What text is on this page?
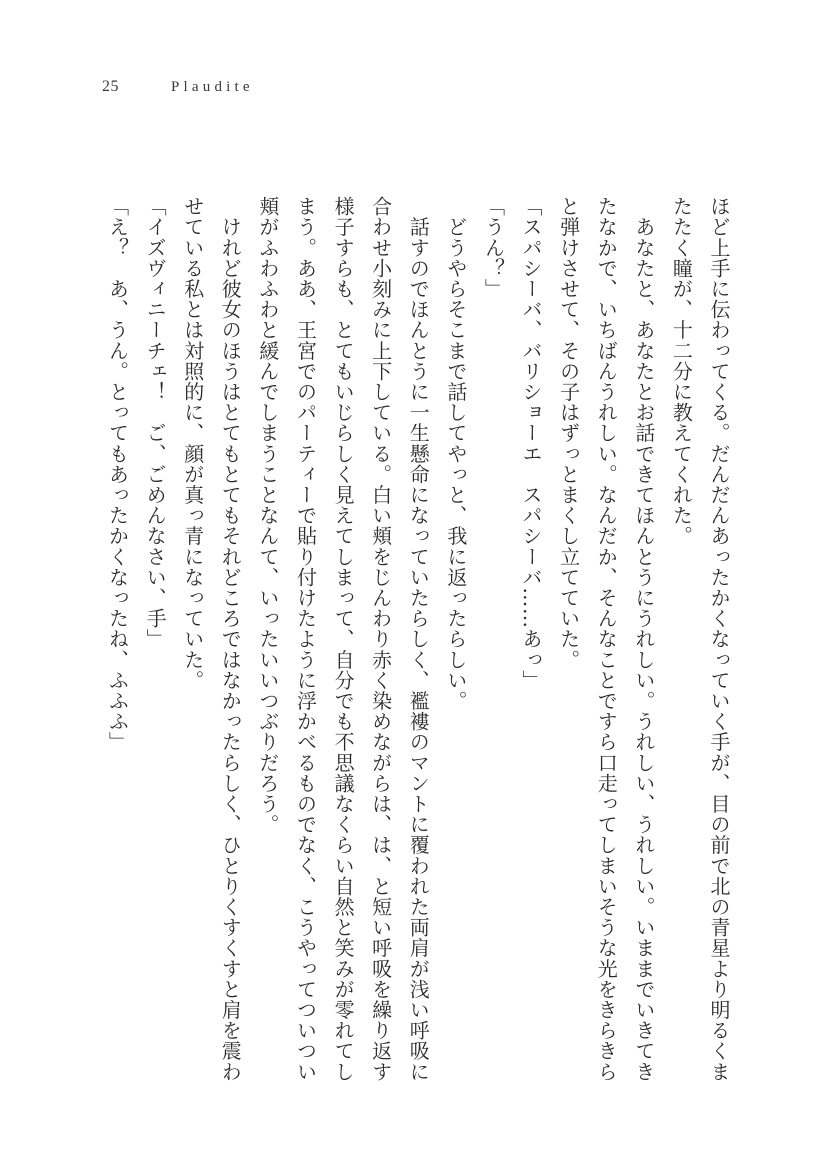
25	Plaudite

ほど上手に伝わってくる。だんだんあったかくなっていく手が、目の前で北の青星より明るくまたたく瞳が、十二分に教えてくれた。

　あなたと、あなたとお話できてほんとうにうれしい。うれしい、うれしい。いままでいきてきたなかで、いちばんうれしい。なんだか、そんなことですら口走ってしまいそうな光をきらきらと弾けさせて、その子はずっとまくし立てていた。

「スパシーバ、バリショーエ　スパシーバ……あっ」

「うん？」

　どうやらそこまで話してやっと、我に返ったらしい。

　話すのでほんとうに一生懸命になっていたらしく、襤褸のマントに覆われた両肩が浅い呼吸に合わせ小刻みに上下している。白い頬をじんわり赤く染めながらは、は、と短い呼吸を繰り返す様子すらも、とてもいじらしく見えてしまって、自分でも不思議なくらい自然と笑みが零れてしまう。ああ、王宮でのパーティーで貼り付けたように浮かべるものでなく、こうやってついつい頬がふわふわと緩んでしまうことなんて、いったいいつぶりだろう。

　けれど彼女のほうはとてもとてもそれどころではなかったらしく、ひとりくすくすと肩を震わせている私とは対照的に、顔が真っ青になっていた。

「イズヴィニーチェ！　ご、ごめんなさい、手」

「え？　あ、うん。とってもあったかくなったね、ふふふ」
